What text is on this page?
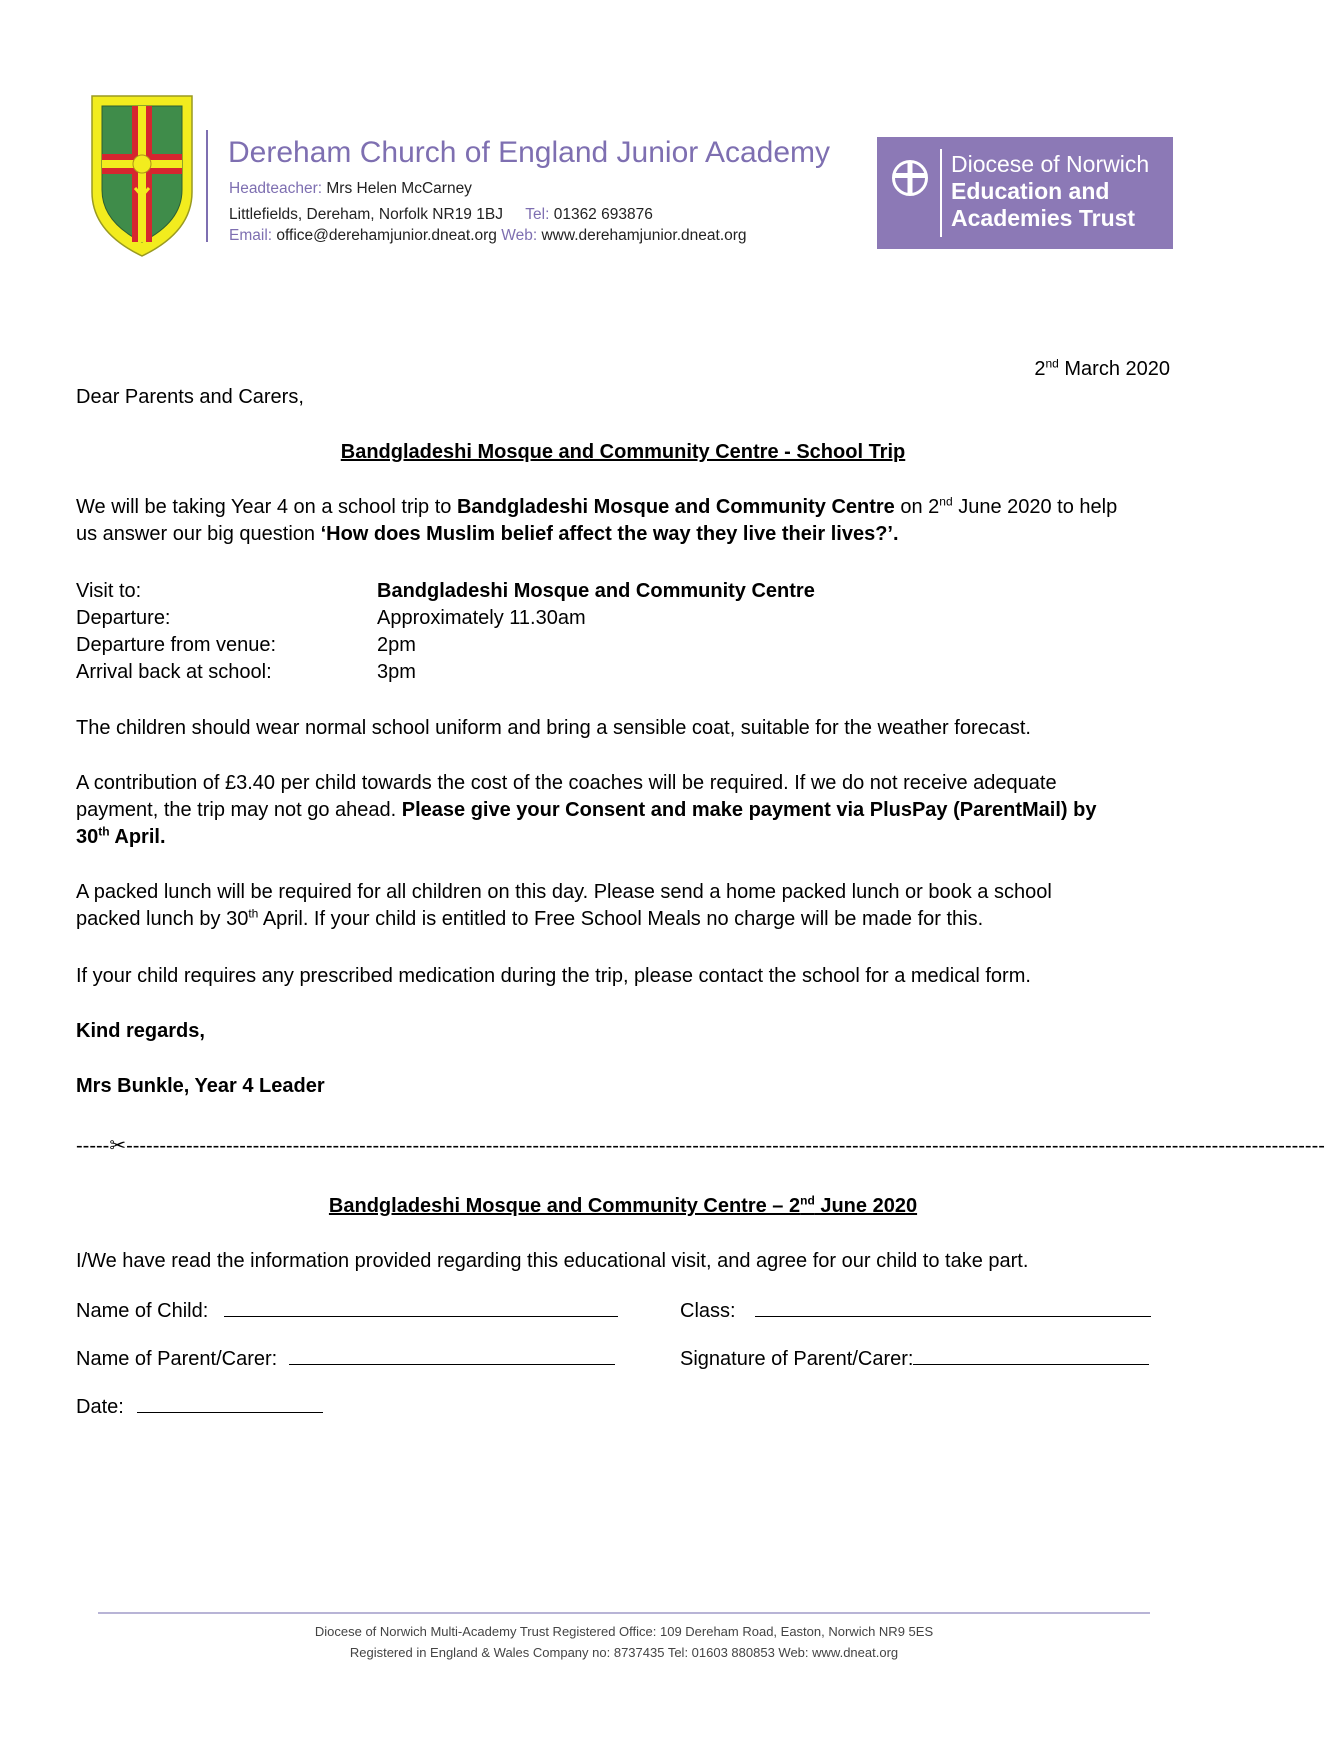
Dereham Church of England Junior Academy
Headteacher: Mrs Helen McCarney
Littlefields, Dereham, Norfolk NR19 1BJ Tel: 01362 693876
Email: office@derehamjunior.dneat.org Web: www.derehamjunior.dneat.org
Diocese of Norwich
Education and
Academies Trust
2nd March 2020
Dear Parents and Carers,
Bandgladeshi Mosque and Community Centre - School Trip
We will be taking Year 4 on a school trip to Bandgladeshi Mosque and Community Centre on 2nd June 2020 to help
us answer our big question ‘How does Muslim belief affect the way they live their lives?’.
Visit to:	Bandgladeshi Mosque and Community Centre
Departure:	Approximately 11.30am
Departure from venue:	2pm
Arrival back at school:	3pm
The children should wear normal school uniform and bring a sensible coat, suitable for the weather forecast.
A contribution of £3.40 per child towards the cost of the coaches will be required. If we do not receive adequate
payment, the trip may not go ahead. Please give your Consent and make payment via PlusPay (ParentMail) by
30th April.
A packed lunch will be required for all children on this day. Please send a home packed lunch or book a school
packed lunch by 30th April. If your child is entitled to Free School Meals no charge will be made for this.
If your child requires any prescribed medication during the trip, please contact the school for a medical form.
Kind regards,
Mrs Bunkle, Year 4 Leader
-----✂------------------------------------------------------------------------------------------------------------------------------------------------------------------------------------
Bandgladeshi Mosque and Community Centre – 2nd June 2020
I/We have read the information provided regarding this educational visit, and agree for our child to take part.
Name of Child:	Class:
Name of Parent/Carer:	Signature of Parent/Carer:
Date:
Diocese of Norwich Multi-Academy Trust Registered Office: 109 Dereham Road, Easton, Norwich NR9 5ES
Registered in England & Wales Company no: 8737435 Tel: 01603 880853 Web: www.dneat.org
